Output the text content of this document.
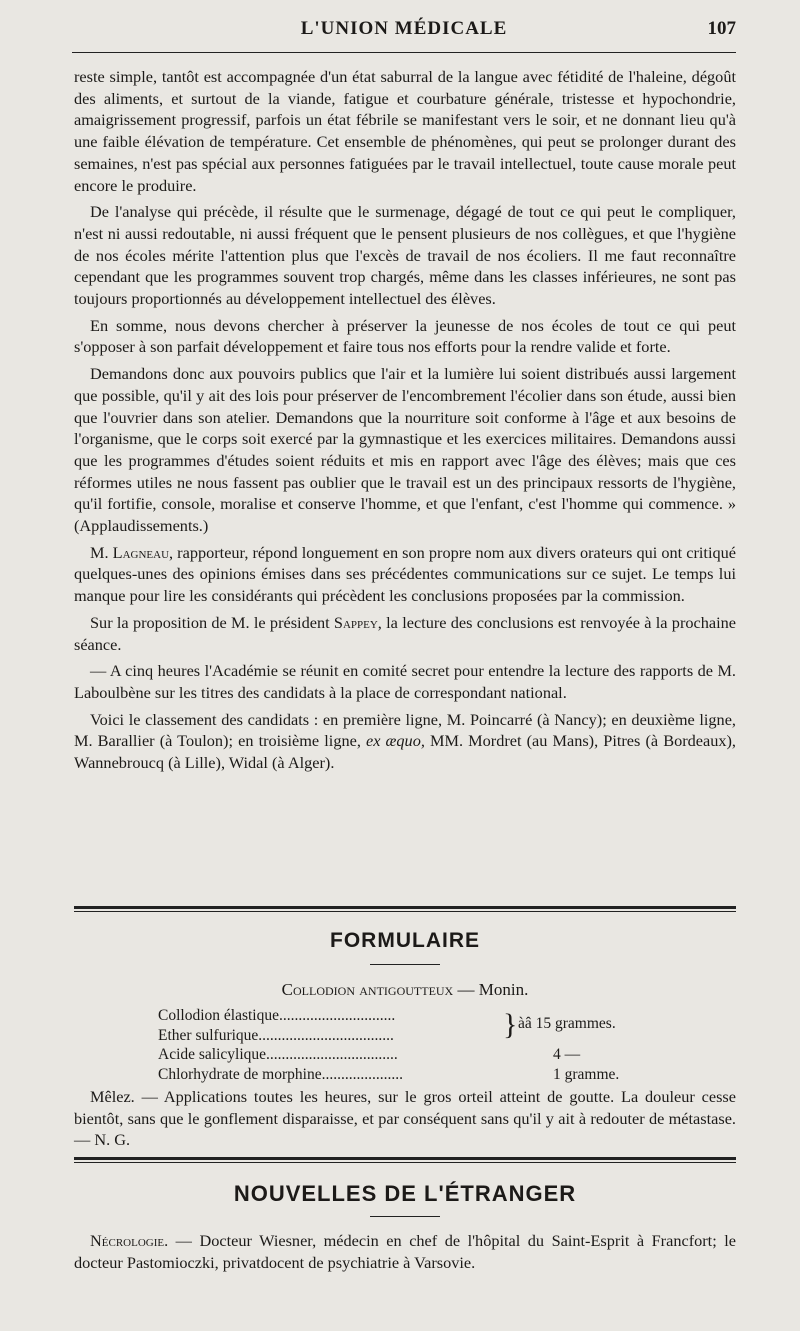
L'UNION MÉDICALE	107

reste simple, tantôt est accompagnée d'un état saburral de la langue avec fétidité de l'haleine, dégoût des aliments, et surtout de la viande, fatigue et courbature générale, tristesse et hypochondrie, amaigrissement progressif, parfois un état fébrile se manifestant vers le soir, et ne donnant lieu qu'à une faible élévation de température. Cet ensemble de phénomènes, qui peut se prolonger durant des semaines, n'est pas spécial aux personnes fatiguées par le travail intellectuel, toute cause morale peut encore le produire.

De l'analyse qui précède, il résulte que le surmenage, dégagé de tout ce qui peut le compliquer, n'est ni aussi redoutable, ni aussi fréquent que le pensent plusieurs de nos collègues, et que l'hygiène de nos écoles mérite l'attention plus que l'excès de travail de nos écoliers. Il me faut reconnaître cependant que les programmes souvent trop chargés, même dans les classes inférieures, ne sont pas toujours proportionnés au développement intellectuel des élèves.

En somme, nous devons chercher à préserver la jeunesse de nos écoles de tout ce qui peut s'opposer à son parfait développement et faire tous nos efforts pour la rendre valide et forte.

Demandons donc aux pouvoirs publics que l'air et la lumière lui soient distribués aussi largement que possible, qu'il y ait des lois pour préserver de l'encombrement l'écolier dans son étude, aussi bien que l'ouvrier dans son atelier. Demandons que la nourriture soit conforme à l'âge et aux besoins de l'organisme, que le corps soit exercé par la gymnastique et les exercices militaires. Demandons aussi que les programmes d'études soient réduits et mis en rapport avec l'âge des élèves; mais que ces réformes utiles ne nous fassent pas oublier que le travail est un des principaux ressorts de l'hygiène, qu'il fortifie, console, moralise et conserve l'homme, et que l'enfant, c'est l'homme qui commence. » (Applaudissements.)

M. Lagneau, rapporteur, répond longuement en son propre nom aux divers orateurs qui ont critiqué quelques-unes des opinions émises dans ses précédentes communications sur ce sujet. Le temps lui manque pour lire les considérants qui précèdent les conclusions proposées par la commission.

Sur la proposition de M. le président Sappey, la lecture des conclusions est renvoyée à la prochaine séance.

— A cinq heures l'Académie se réunit en comité secret pour entendre la lecture des rapports de M. Laboulbène sur les titres des candidats à la place de correspondant national.

Voici le classement des candidats : en première ligne, M. Poincarré (à Nancy); en deuxième ligne, M. Barallier (à Toulon); en troisième ligne, ex æquo, MM. Mordret (au Mans), Pitres (à Bordeaux), Wannebroucq (à Lille), Widal (à Alger).

FORMULAIRE
Collodion antigoutteux — Monin.
Collodion élastique..............................	} àâ 15 grammes.
Ether sulfurique...................................
Acide salicylique..................................	4 —
Chlorhydrate de morphine.....................	1 gramme.
Mêlez. — Applications toutes les heures, sur le gros orteil atteint de goutte. La douleur cesse bientôt, sans que le gonflement disparaisse, et par conséquent sans qu'il y ait à redouter de métastase. — N. G.
NOUVELLES DE L'ÉTRANGER
Nécrologie. — Docteur Wiesner, médecin en chef de l'hôpital du Saint-Esprit à Francfort; le docteur Pastomioczki, privatdocent de psychiatrie à Varsovie.
